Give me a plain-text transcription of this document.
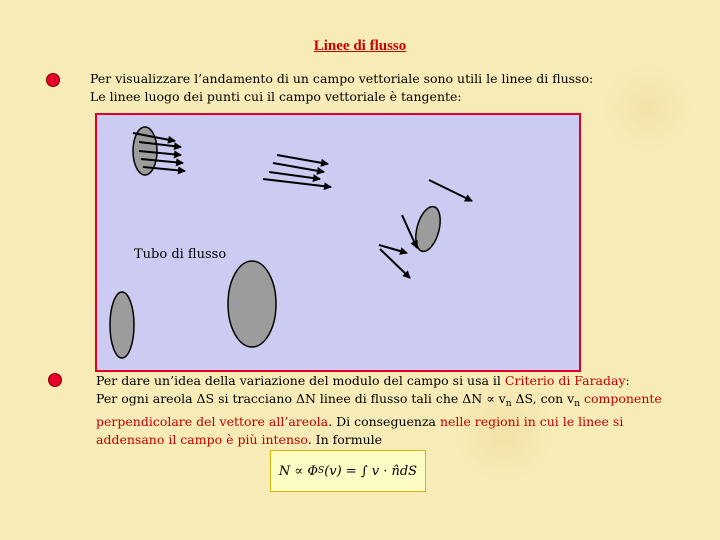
Linee di flusso
Per visualizzare l’andamento di un campo vettoriale sono utili le linee di flusso:
Le linee luogo dei punti cui il campo vettoriale è tangente:
Tubo di flusso
Per dare un’idea della variazione del modulo del campo si usa il Criterio di Faraday:
Per ogni areola ΔS si tracciano ΔN linee di flusso tali che $\Delta N \propto v_n$ ΔS, con $v_n$ componente
perpendicolare del vettore all’areola. Di conseguenza nelle regioni in cui le linee si
addensano il campo è più intenso. In formule
N ∝ Φ S (v) = ∫ v · n̂dS
